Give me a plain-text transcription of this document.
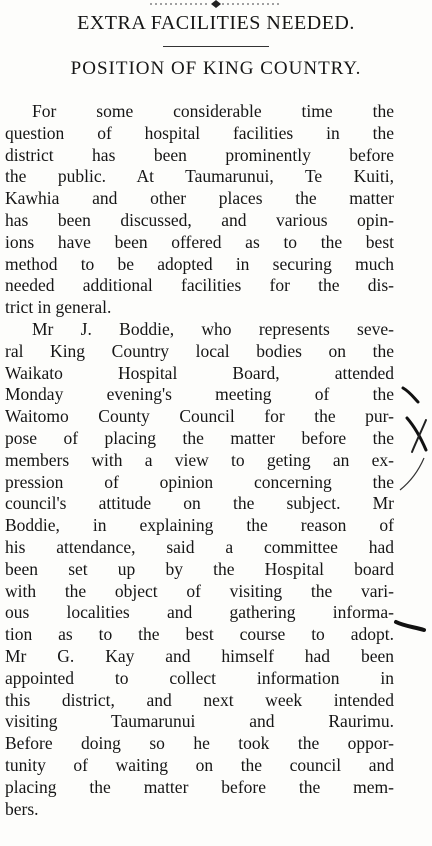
EXTRA FACILITIES NEEDED.
POSITION OF KING COUNTRY.
For some considerable time the
question of hospital facilities in the
district has been prominently before
the public. At Taumarunui, Te Kuiti,
Kawhia and other places the matter
has been discussed, and various opin-
ions have been offered as to the best
method to be adopted in securing much
needed additional facilities for the dis-
trict in general.
Mr J. Boddie, who represents seve-
ral King Country local bodies on the
Waikato Hospital Board, attended
Monday evening's meeting of the
Waitomo County Council for the pur-
pose of placing the matter before the
members with a view to geting an ex-
pression of opinion concerning the
council's attitude on the subject. Mr
Boddie, in explaining the reason of
his attendance, said a committee had
been set up by the Hospital board
with the object of visiting the vari-
ous localities and gathering informa-
tion as to the best course to adopt.
Mr G. Kay and himself had been
appointed to collect information in
this district, and next week intended
visiting Taumarunui and Raurimu.
Before doing so he took the oppor-
tunity of waiting on the council and
placing the matter before the mem-
bers.
